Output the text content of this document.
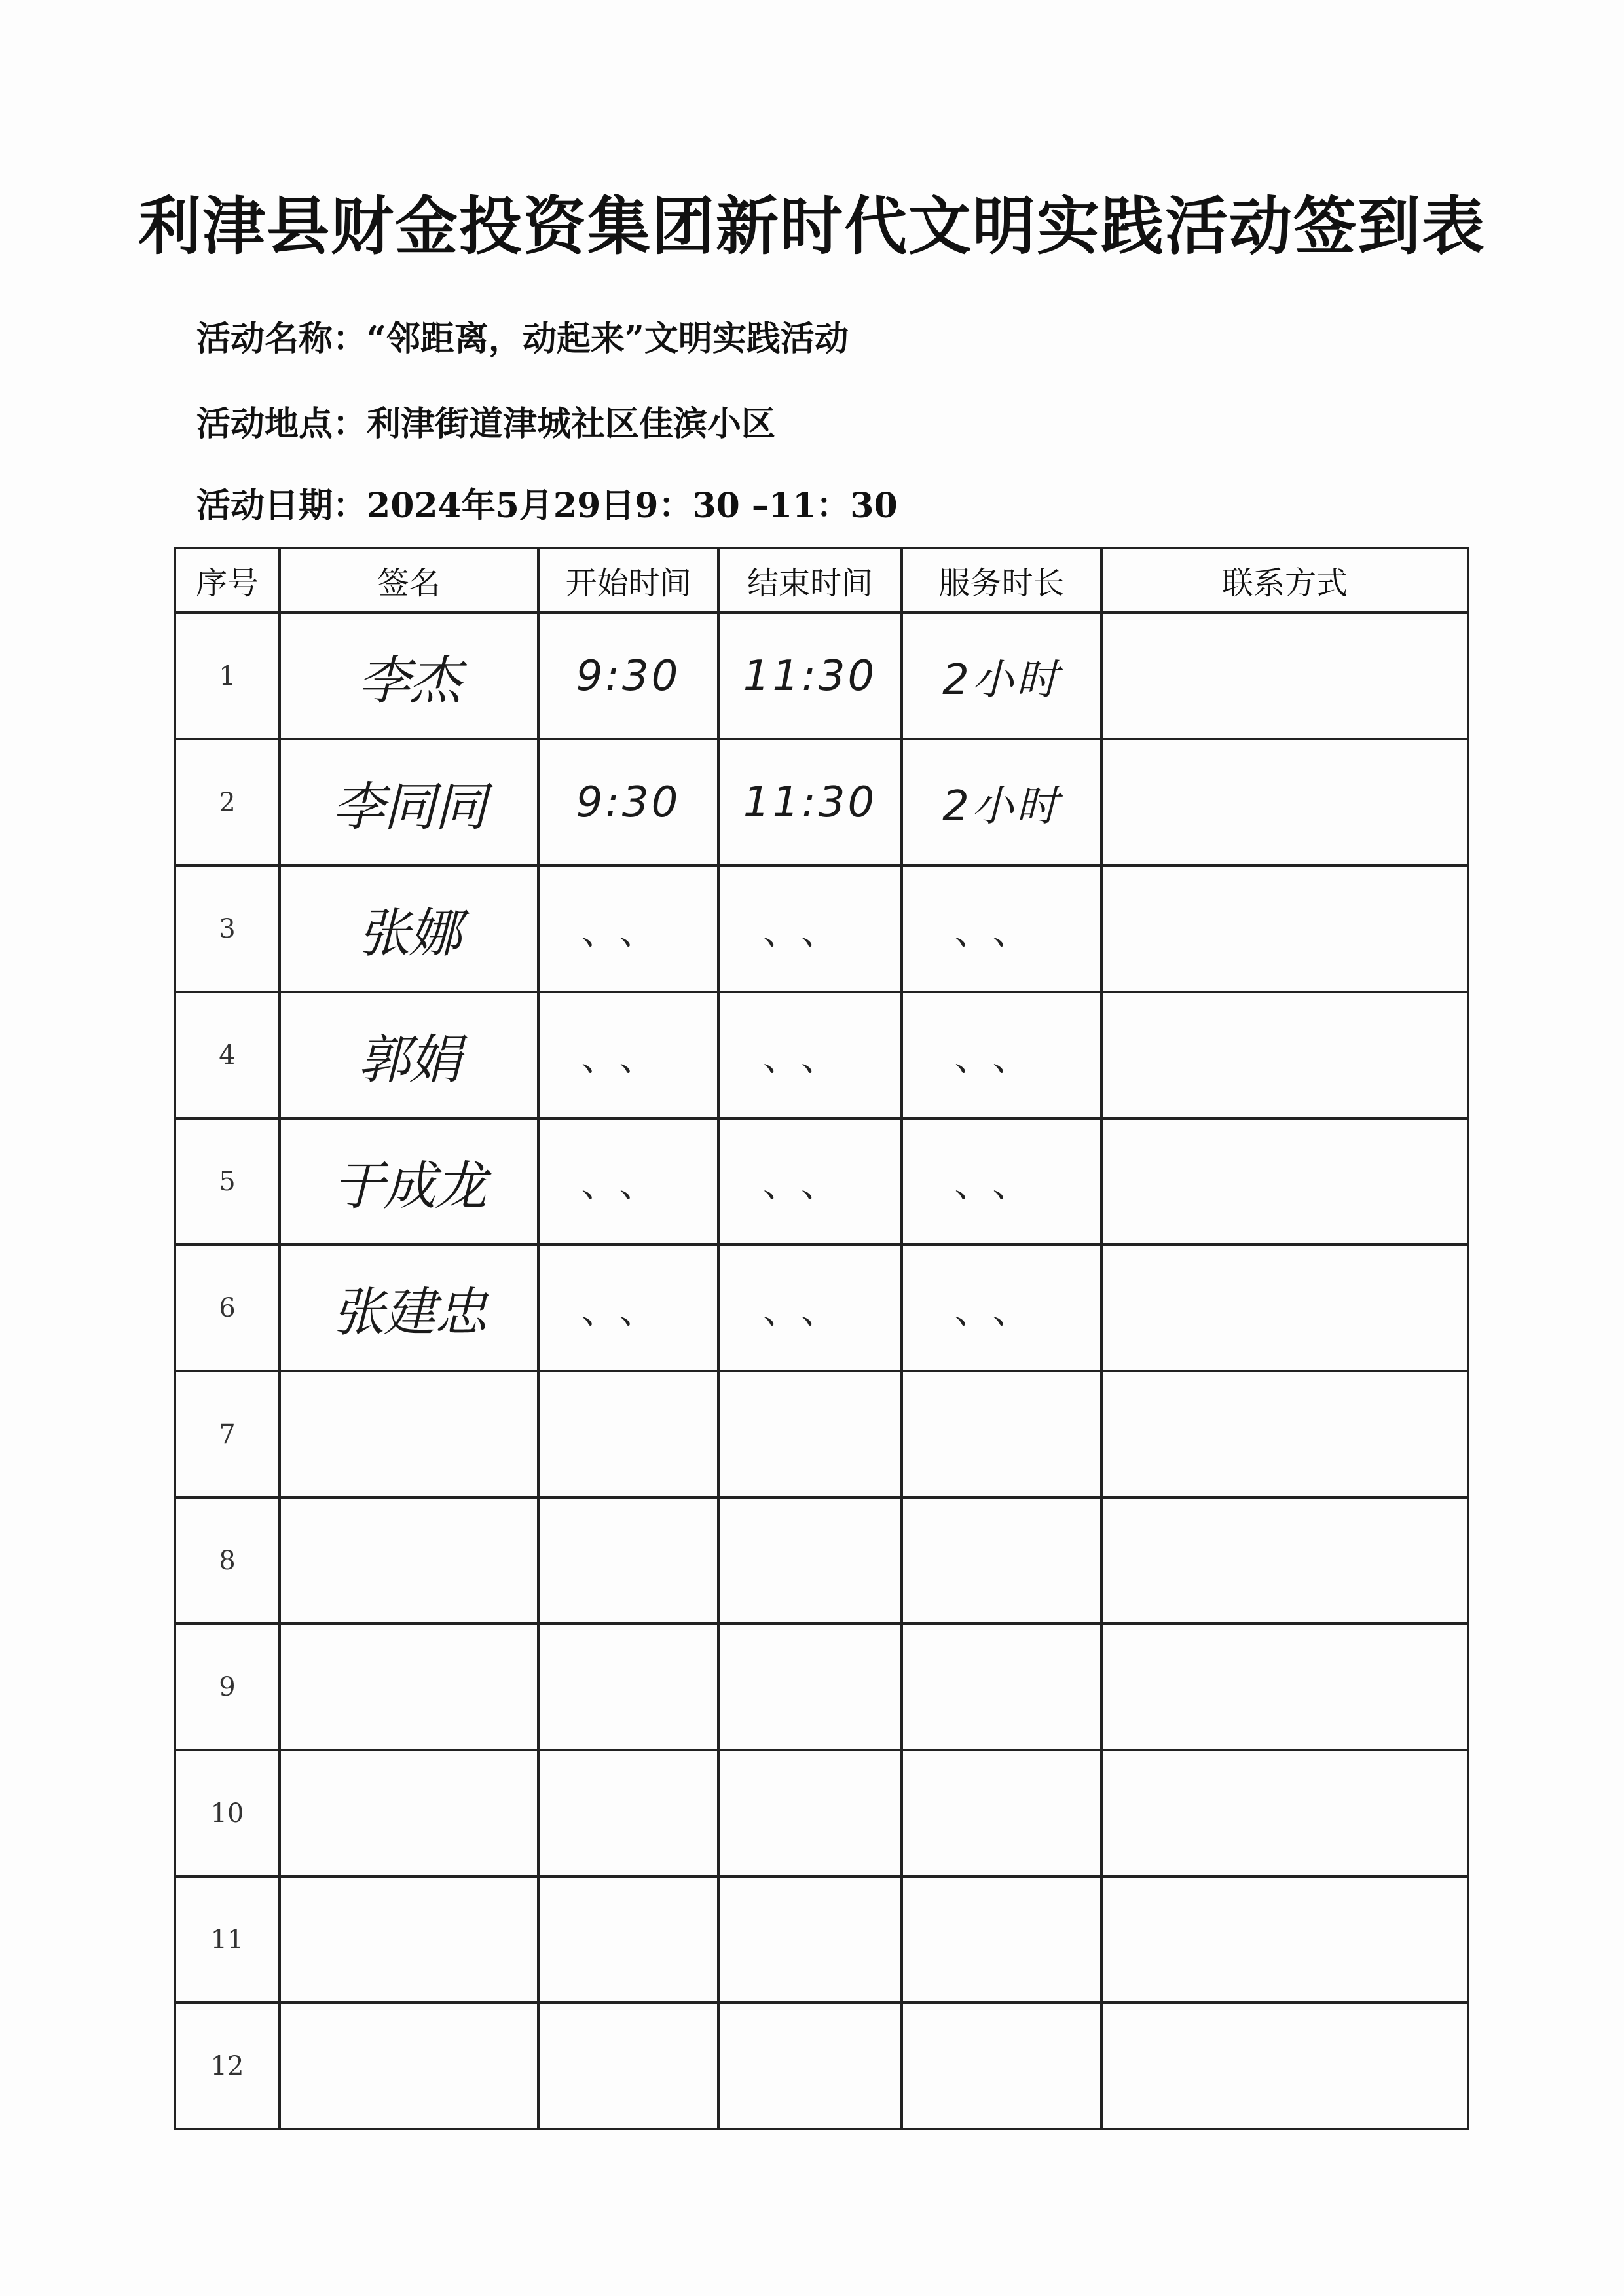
利津县财金投资集团新时代文明实践活动签到表
活动名称：“邻距离，动起来”文明实践活动
活动地点：利津街道津城社区佳滨小区
活动日期：2024年5月29日9：30 –11：30
序号	签名	开始时间	结束时间	服务时长	联系方式
1	李杰	9:30	11:30	2小时	
2	李同同	9:30	11:30	2小时	
3	张娜	、、	、、	、、	
4	郭娟	、、	、、	、、	
5	于成龙	、、	、、	、、	
6	张建忠	、、	、、	、、	
7					
8					
9					
10					
11					
12					
